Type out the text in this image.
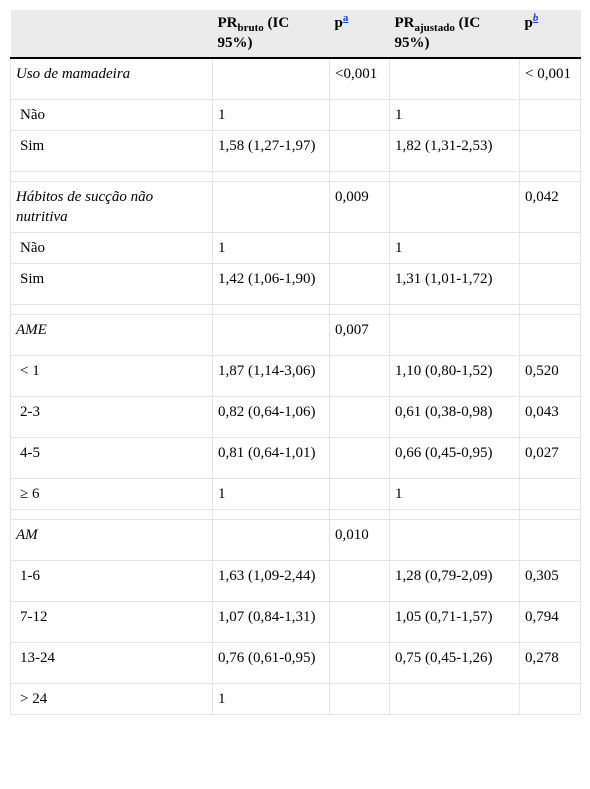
	$PR_{bruto}$ (IC 95%)	p$^a$	$PR_{ajustado}$ (IC 95%)	p$^b$
Uso de mamadeira		<0,001		< 0,001
Não	1		1	
Sim	1,58 (1,27-1,97)		1,82 (1,31-2,53)	

Hábitos de sucção não nutritiva		0,009		0,042
Não	1		1	
Sim	1,42 (1,06-1,90)		1,31 (1,01-1,72)	

AME		0,007		
< 1	1,87 (1,14-3,06)		1,10 (0,80-1,52)	0,520
2-3	0,82 (0,64-1,06)		0,61 (0,38-0,98)	0,043
4-5	0,81 (0,64-1,01)		0,66 (0,45-0,95)	0,027
≥ 6	1		1	

AM		0,010		
1-6	1,63 (1,09-2,44)		1,28 (0,79-2,09)	0,305
7-12	1,07 (0,84-1,31)		1,05 (0,71-1,57)	0,794
13-24	0,76 (0,61-0,95)		0,75 (0,45-1,26)	0,278
> 24	1			
